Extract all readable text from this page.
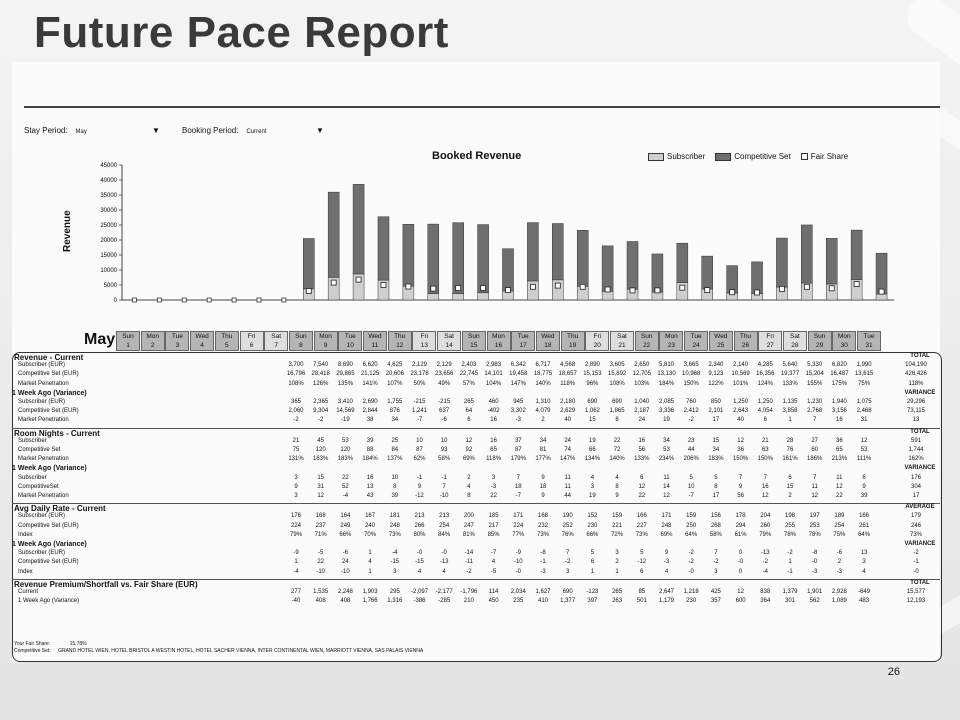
Future Pace Report
Stay Period: May	▼	Booking Period: Current	▼
Booked Revenue	Subscriber	Competitive Set	Fair Share
Revenue
0
5000
10000
15000
20000
25000
30000
35000
40000
45000
Sun
1
Mon
2
Tue
3
Wed
4
Thu
5
Fri
6
Sat
7
Sun
8
Mon
9
Tue
10
Wed
11
Thu
12
Fri
13
Sat
14
Sun
15
Mon
16
Tue
17
Wed
18
Thu
19
Fri
20
Sat
21
Sun
22
Mon
23
Tue
24
Wed
25
Thu
26
Fri
27
Sat
28
Sun
29
Mon
30
Tue
31
May
Revenue - Current	TOTAL
Subscriber (EUR)	3,700	7,540	8,690	6,620	4,625	2,129	2,129	2,403	2,983	6,342	6,717	4,568	2,890	3,605	2,650	5,810	3,665	2,340	2,140	4,285	5,640	5,330	6,820	1,990	104,190
Competitive Set (EUR)	16,796	28,418	29,865	21,125	20,606	23,178	23,656	22,745	14,101	19,458	18,775	18,657	15,153	15,892	12,705	13,130	10,968	9,123	10,569	16,356	19,377	15,204	16,487	13,615	426,426
Market Penetration	108%	126%	135%	141%	107%	50%	49%	57%	104%	147%	140%	118%	96%	108%	103%	184%	150%	122%	101%	124%	133%	155%	175%	75%	118%
1 Week Ago (Variance)	VARIANCE
Subscriber (EUR)	365	2,365	3,410	2,690	1,755	-215	-215	265	460	945	1,310	2,180	690	690	1,040	2,085	760	850	1,250	1,250	1,135	1,230	1,940	1,075	29,296
Competitive Set (EUR)	2,060	9,304	14,569	2,844	876	1,241	637	64	-402	3,302	4,079	2,629	1,062	1,865	2,187	3,336	2,412	2,101	2,643	4,054	3,858	2,768	3,156	2,468	73,115
Market Penetration	-2	-2	-19	38	34	-7	-6	6	16	-3	2	40	15	8	24	19	-2	17	40	6	1	7	16	31	13
Room Nights - Current	TOTAL
Subscriber	21	45	53	39	25	10	10	12	16	37	34	24	19	22	16	34	23	15	12	21	28	27	36	12	591
Competitive Set	75	120	120	88	84	87	93	92	65	87	81	74	66	72	56	53	44	34	36	63	76	60	65	53	1,744
Market Penetration	131%	163%	183%	184%	137%	62%	58%	69%	118%	179%	177%	147%	134%	140%	133%	234%	206%	183%	150%	150%	161%	186%	213%	111%	162%
1 Week Ago (Variance)	VARIANCE
Subscriber	3	15	22	16	10	-1	-1	2	3	7	9	11	4	4	6	11	5	5	7	7	6	7	11	6	176
CompetitiveSet	9	31	52	13	8	9	7	4	-3	18	18	11	3	8	12	14	10	8	9	16	15	11	12	9	304
Market Penetration	3	12	-4	43	39	-12	-10	8	22	-7	9	44	19	9	22	12	-7	17	56	12	2	12	22	39	17
Avg Daily Rate - Current	AVERAGE
Subscriber (EUR)	176	168	164	167	181	213	213	200	185	171	168	190	152	159	166	171	159	156	178	204	198	197	189	166	179
Competitive Set (EUR)	224	237	249	240	248	266	254	247	217	224	232	252	230	221	227	248	250	268	294	260	255	253	254	261	246
Index	79%	71%	66%	70%	73%	80%	84%	81%	85%	77%	73%	76%	66%	72%	73%	69%	64%	58%	61%	79%	78%	78%	75%	64%	73%
1 Week Ago (Variance)	VARIANCE
Subscriber (EUR)	-9	-5	-6	1	-4	-0	-0	-14	-7	-9	-8	7	5	3	5	9	-2	7	0	-13	-2	-8	-6	13	-2
Competitive Set (EUR)	1	22	24	4	-15	-15	-13	-11	4	-10	-1	-2	6	2	-12	-3	-2	-2	-0	-2	1	-0	2	3	-1
Index	-4	-10	-10	1	3	4	4	-2	-5	-0	-3	3	1	1	6	4	-0	3	0	-4	-1	-3	-3	4	-0
Revenue Premium/Shortfall vs. Fair Share (EUR)	TOTAL
Current	277	1,535	2,248	1,903	295	-2,097	-2,177	-1,796	114	2,034	1,627	690	-123	265	85	2,647	1,218	425	12	838	1,379	1,901	2,928	-649	15,577
1 Week Ago (Variance)	-40	408	408	1,766	1,316	-386	-285	210	450	235	410	1,377	397	263	501	1,179	230	357	600	364	301	562	1,089	483	12,193
Your Fair Share:	15.78%
Competitive Set: GRAND HOTEL WIEN, HOTEL BRISTOL A WESTIN HOTEL, HOTEL SACHER VIENNA, INTER CONTINENTAL WIEN, MARRIOTT VIENNA, SAS PALAIS VIENNA
26
